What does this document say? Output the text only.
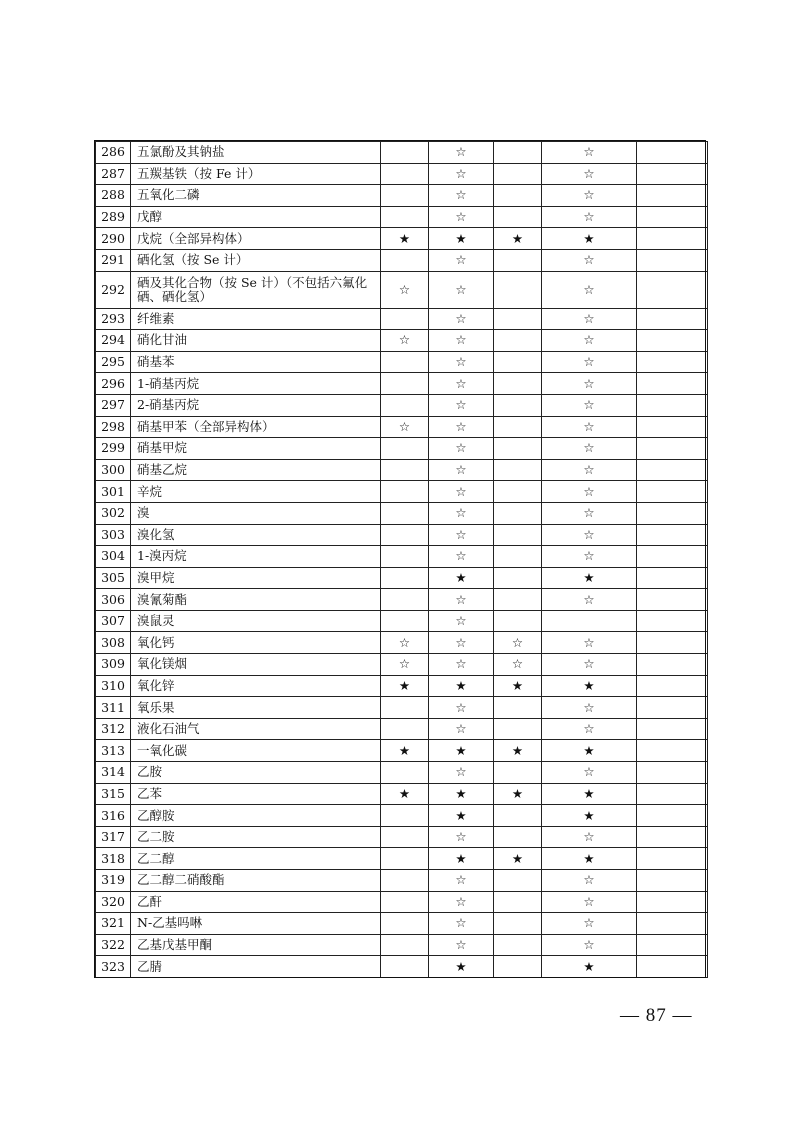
286	五氯酚及其钠盐		☆		☆	
287	五羰基铁（按 Fe 计）		☆		☆	
288	五氧化二磷		☆		☆	
289	戊醇		☆		☆	
290	戊烷（全部异构体）	★	★	★	★	
291	硒化氢（按 Se 计）		☆		☆	
292	硒及其化合物（按 Se 计）（不包括六氟化硒、硒化氢）	☆	☆		☆	
293	纤维素		☆		☆	
294	硝化甘油	☆	☆		☆	
295	硝基苯		☆		☆	
296	1-硝基丙烷		☆		☆	
297	2-硝基丙烷		☆		☆	
298	硝基甲苯（全部异构体）	☆	☆		☆	
299	硝基甲烷		☆		☆	
300	硝基乙烷		☆		☆	
301	辛烷		☆		☆	
302	溴		☆		☆	
303	溴化氢		☆		☆	
304	1-溴丙烷		☆		☆	
305	溴甲烷		★		★	
306	溴氰菊酯		☆		☆	
307	溴鼠灵		☆			
308	氧化钙	☆	☆	☆	☆	
309	氧化镁烟	☆	☆	☆	☆	
310	氧化锌	★	★	★	★	
311	氧乐果		☆		☆	
312	液化石油气		☆		☆	
313	一氧化碳	★	★	★	★	
314	乙胺		☆		☆	
315	乙苯	★	★	★	★	
316	乙醇胺		★		★	
317	乙二胺		☆		☆	
318	乙二醇		★	★	★	
319	乙二醇二硝酸酯		☆		☆	
320	乙酐		☆		☆	
321	N-乙基吗啉		☆		☆	
322	乙基戊基甲酮		☆		☆	
323	乙腈		★		★	
— 87 —
